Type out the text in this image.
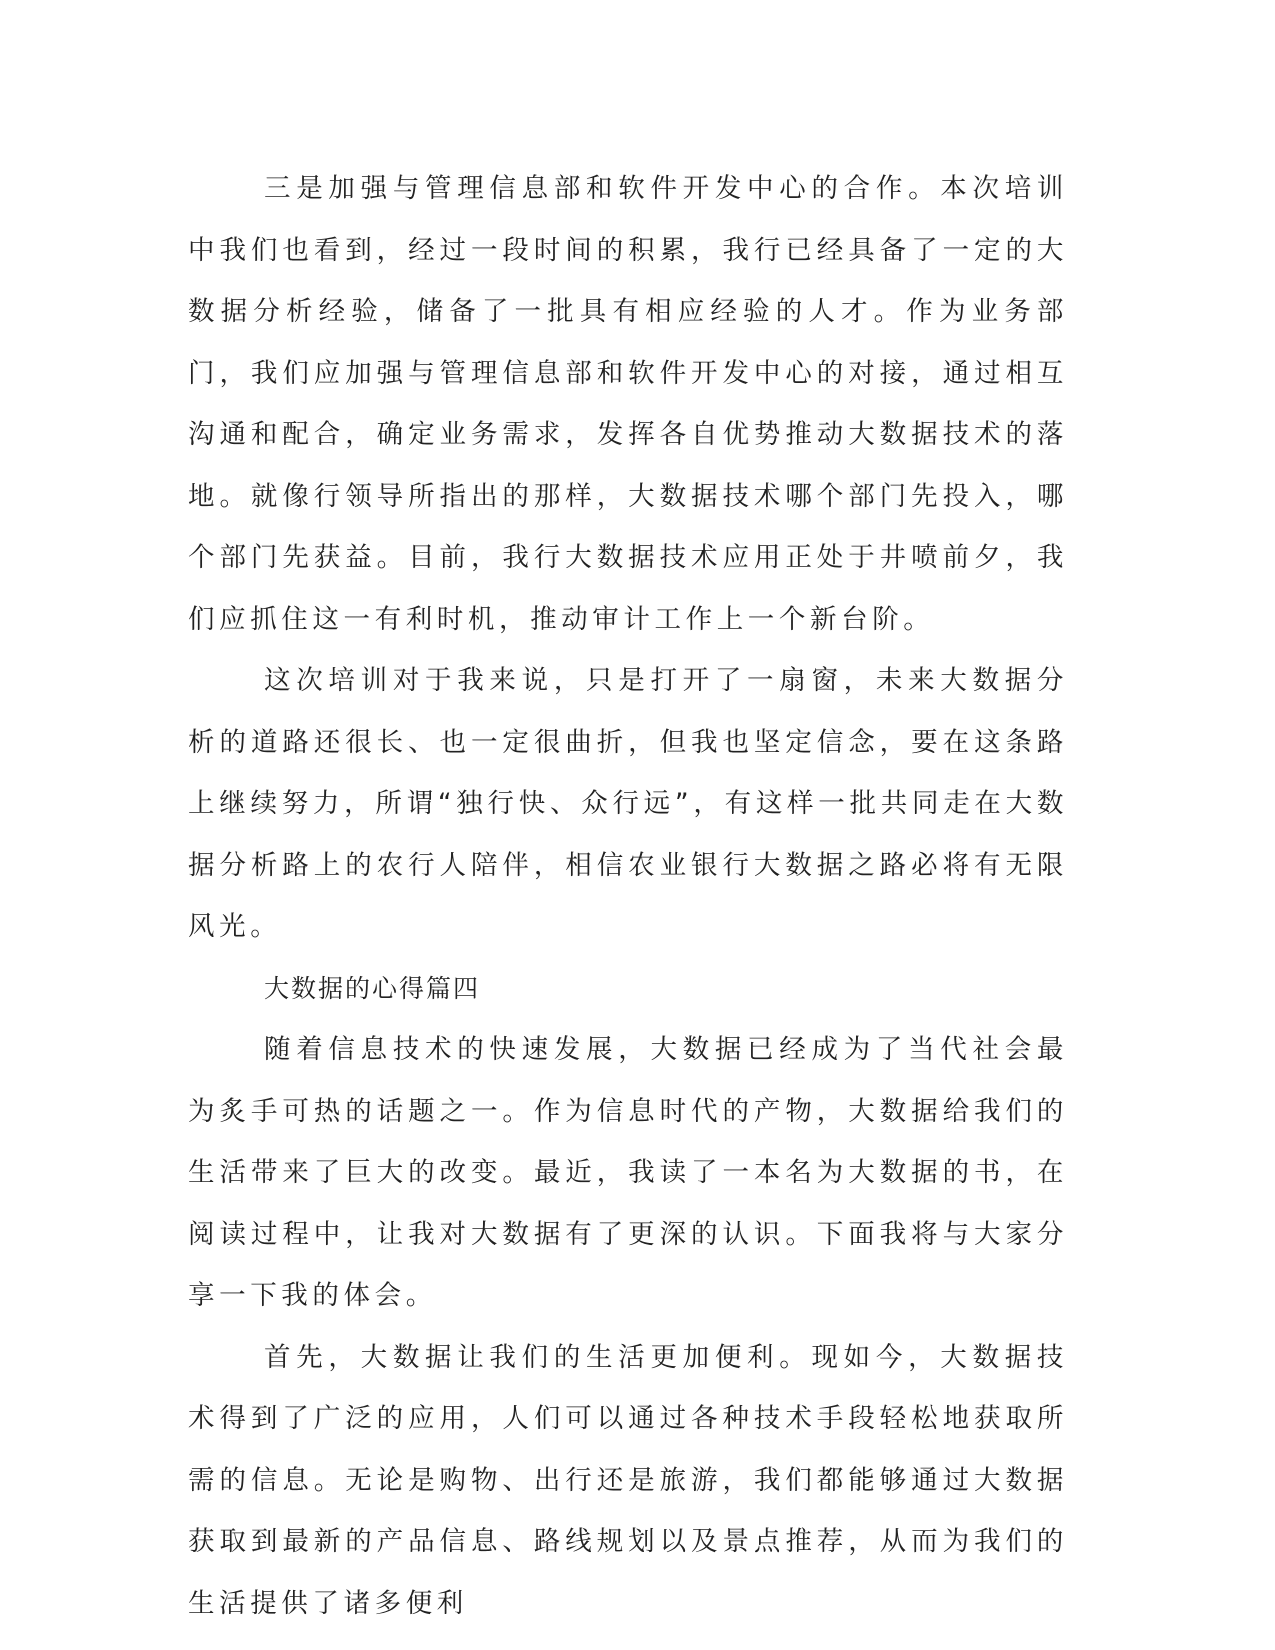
三是加强与管理信息部和软件开发中心的合作。本次培训中我们也看到，经过一段时间的积累，我行已经具备了一定的大数据分析经验，储备了一批具有相应经验的人才。作为业务部门，我们应加强与管理信息部和软件开发中心的对接，通过相互沟通和配合，确定业务需求，发挥各自优势推动大数据技术的落地。就像行领导所指出的那样，大数据技术哪个部门先投入，哪个部门先获益。目前，我行大数据技术应用正处于井喷前夕，我们应抓住这一有利时机，推动审计工作上一个新台阶。

这次培训对于我来说，只是打开了一扇窗，未来大数据分析的道路还很长、也一定很曲折，但我也坚定信念，要在这条路上继续努力，所谓“独行快、众行远”，有这样一批共同走在大数据分析路上的农行人陪伴，相信农业银行大数据之路必将有无限风光。

大数据的心得篇四

随着信息技术的快速发展，大数据已经成为了当代社会最为炙手可热的话题之一。作为信息时代的产物，大数据给我们的生活带来了巨大的改变。最近，我读了一本名为大数据的书，在阅读过程中，让我对大数据有了更深的认识。下面我将与大家分享一下我的体会。

首先，大数据让我们的生活更加便利。现如今，大数据技术得到了广泛的应用，人们可以通过各种技术手段轻松地获取所需的信息。无论是购物、出行还是旅游，我们都能够通过大数据获取到最新的产品信息、路线规划以及景点推荐，从而为我们的生活提供了诸多便利
